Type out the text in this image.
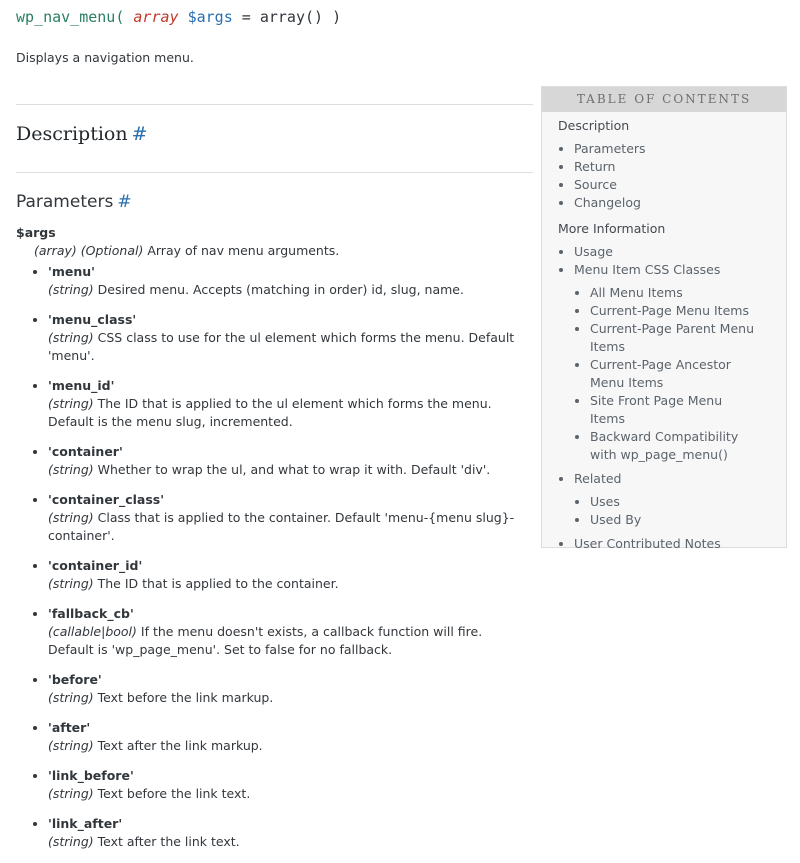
wp_nav_menu( array $args = array() )
Displays a navigation menu.
Description #
Parameters #
$args
(array) (Optional) Array of nav menu arguments.
• 'menu'
(string) Desired menu. Accepts (matching in order) id, slug, name.
• 'menu_class'
(string) CSS class to use for the ul element which forms the menu. Default 'menu'.
• 'menu_id'
(string) The ID that is applied to the ul element which forms the menu. Default is the menu slug, incremented.
• 'container'
(string) Whether to wrap the ul, and what to wrap it with. Default 'div'.
• 'container_class'
(string) Class that is applied to the container. Default 'menu-{menu slug}-container'.
• 'container_id'
(string) The ID that is applied to the container.
• 'fallback_cb'
(callable|bool) If the menu doesn't exists, a callback function will fire. Default is 'wp_page_menu'. Set to false for no fallback.
• 'before'
(string) Text before the link markup.
• 'after'
(string) Text after the link markup.
• 'link_before'
(string) Text before the link text.
• 'link_after'
(string) Text after the link text.
TABLE OF CONTENTS

Description

• Parameters
• Return
• Source
• Changelog

More Information

• Usage
• Menu Item CSS Classes
• All Menu Items
• Current-Page Menu Items
• Current-Page Parent Menu Items
• Current-Page Ancestor Menu Items
• Site Front Page Menu Items
• Backward Compatibility with wp_page_menu()
• Related
• Uses
• Used By
• User Contributed Notes
